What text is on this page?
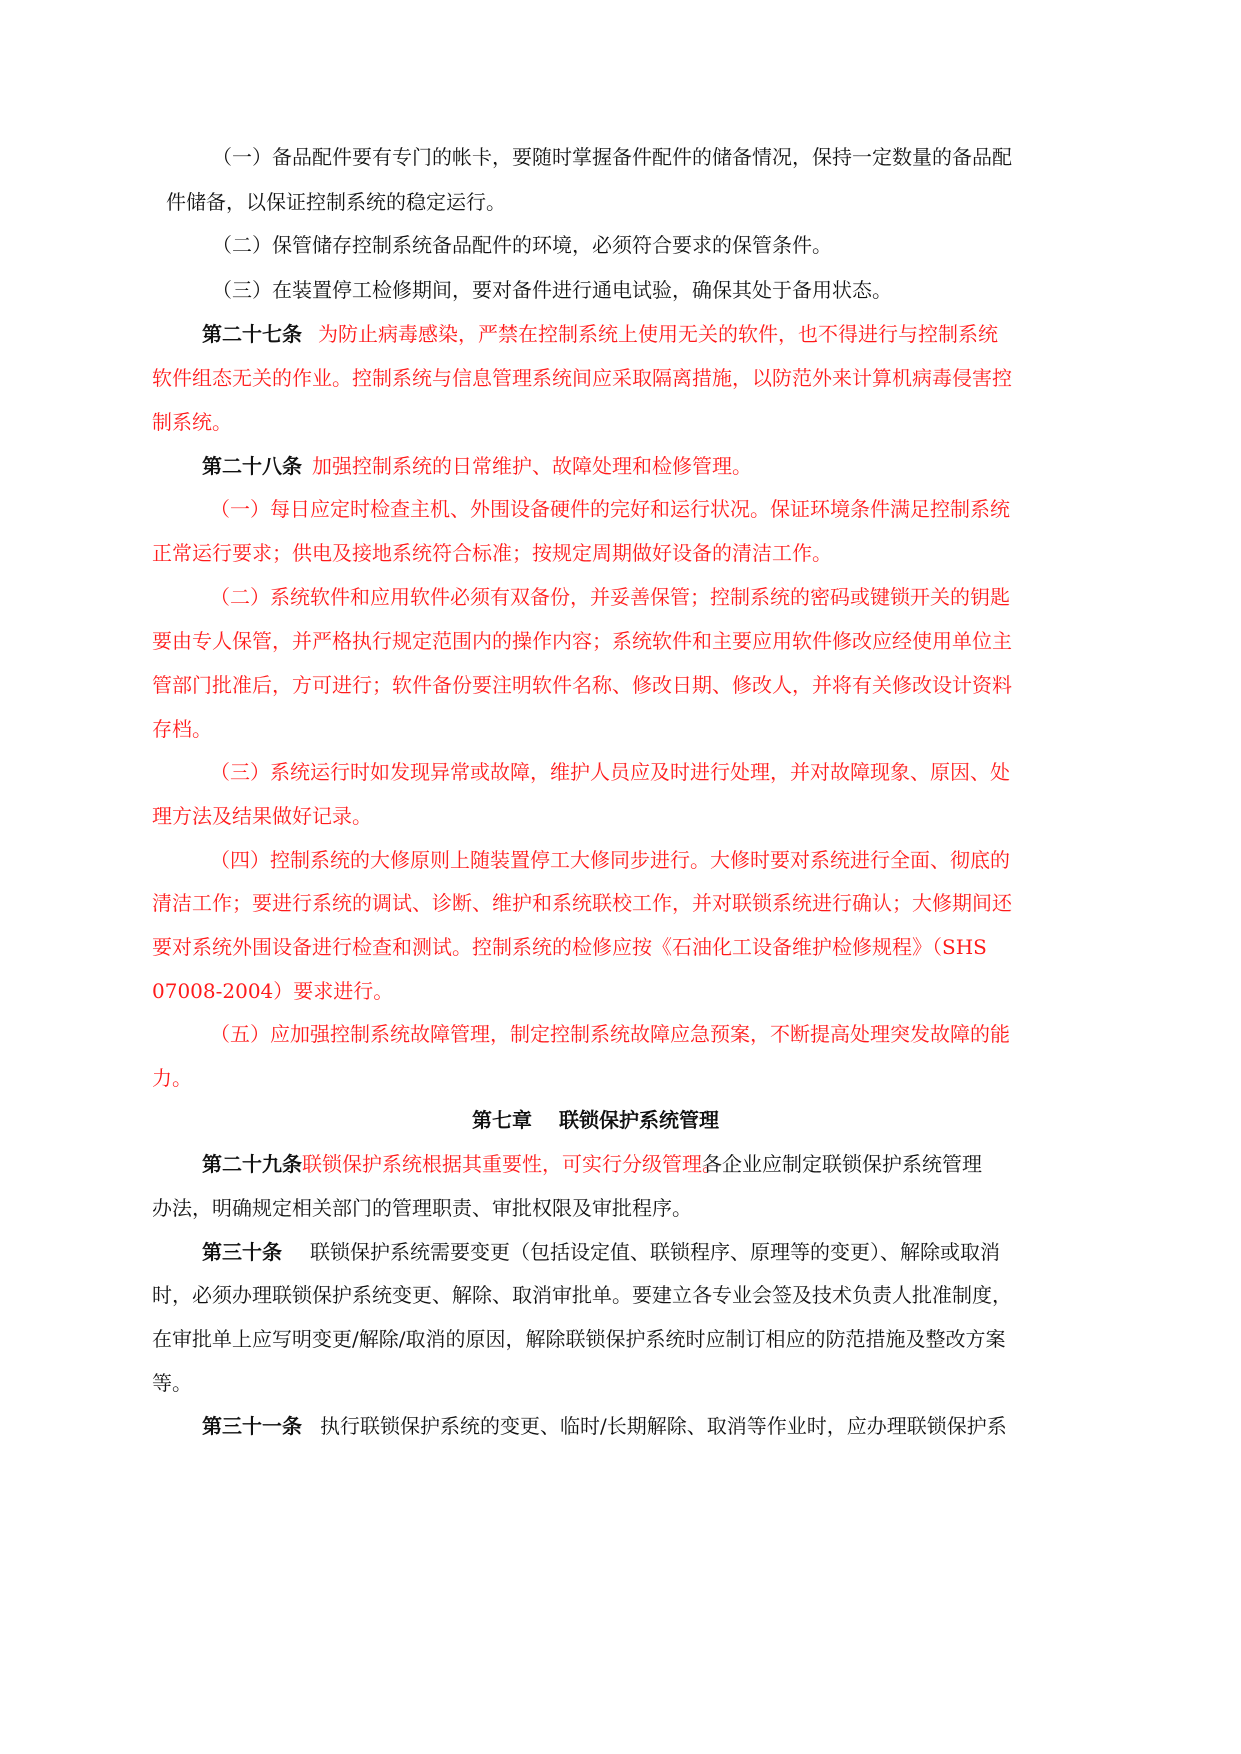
（一）备品配件要有专门的帐卡，要随时掌握备件配件的储备情况，保持一定数量的备品配
件储备，以保证控制系统的稳定运行。
（二）保管储存控制系统备品配件的环境，必须符合要求的保管条件。
（三）在装置停工检修期间，要对备件进行通电试验，确保其处于备用状态。
第二十七条 为防止病毒感染，严禁在控制系统上使用无关的软件，也不得进行与控制系统
软件组态无关的作业。控制系统与信息管理系统间应采取隔离措施，以防范外来计算机病毒侵害控
制系统。
第二十八条 加强控制系统的日常维护、故障处理和检修管理。
（一）每日应定时检查主机、外围设备硬件的完好和运行状况。保证环境条件满足控制系统
正常运行要求；供电及接地系统符合标准；按规定周期做好设备的清洁工作。
（二）系统软件和应用软件必须有双备份，并妥善保管；控制系统的密码或键锁开关的钥匙
要由专人保管，并严格执行规定范围内的操作内容；系统软件和主要应用软件修改应经使用单位主
管部门批准后，方可进行；软件备份要注明软件名称、修改日期、修改人，并将有关修改设计资料
存档。
（三）系统运行时如发现异常或故障，维护人员应及时进行处理，并对故障现象、原因、处
理方法及结果做好记录。
（四）控制系统的大修原则上随装置停工大修同步进行。大修时要对系统进行全面、彻底的
清洁工作；要进行系统的调试、诊断、维护和系统联校工作，并对联锁系统进行确认；大修期间还
要对系统外围设备进行检查和测试。控制系统的检修应按《石油化工设备维护检修规程》（SHS
07008-2004）要求进行。
（五）应加强控制系统故障管理，制定控制系统故障应急预案，不断提高处理突发故障的能
力。
第七章　 联锁保护系统管理
第二十九条 联锁保护系统根据其重要性，可实行分级管理。
各企业应制定联锁保护系统管理
办法，明确规定相关部门的管理职责、审批权限及审批程序。
第三十条 联锁保护系统需要变更（包括设定值、联锁程序、原理等的变更）、解除或取消
时，必须办理联锁保护系统变更、解除、取消审批单。要建立各专业会签及技术负责人批准制度，
在审批单上应写明变更/解除/取消的原因，解除联锁保护系统时应制订相应的防范措施及整改方案
等。
第三十一条 执行联锁保护系统的变更、临时/长期解除、取消等作业时，应办理联锁保护系
